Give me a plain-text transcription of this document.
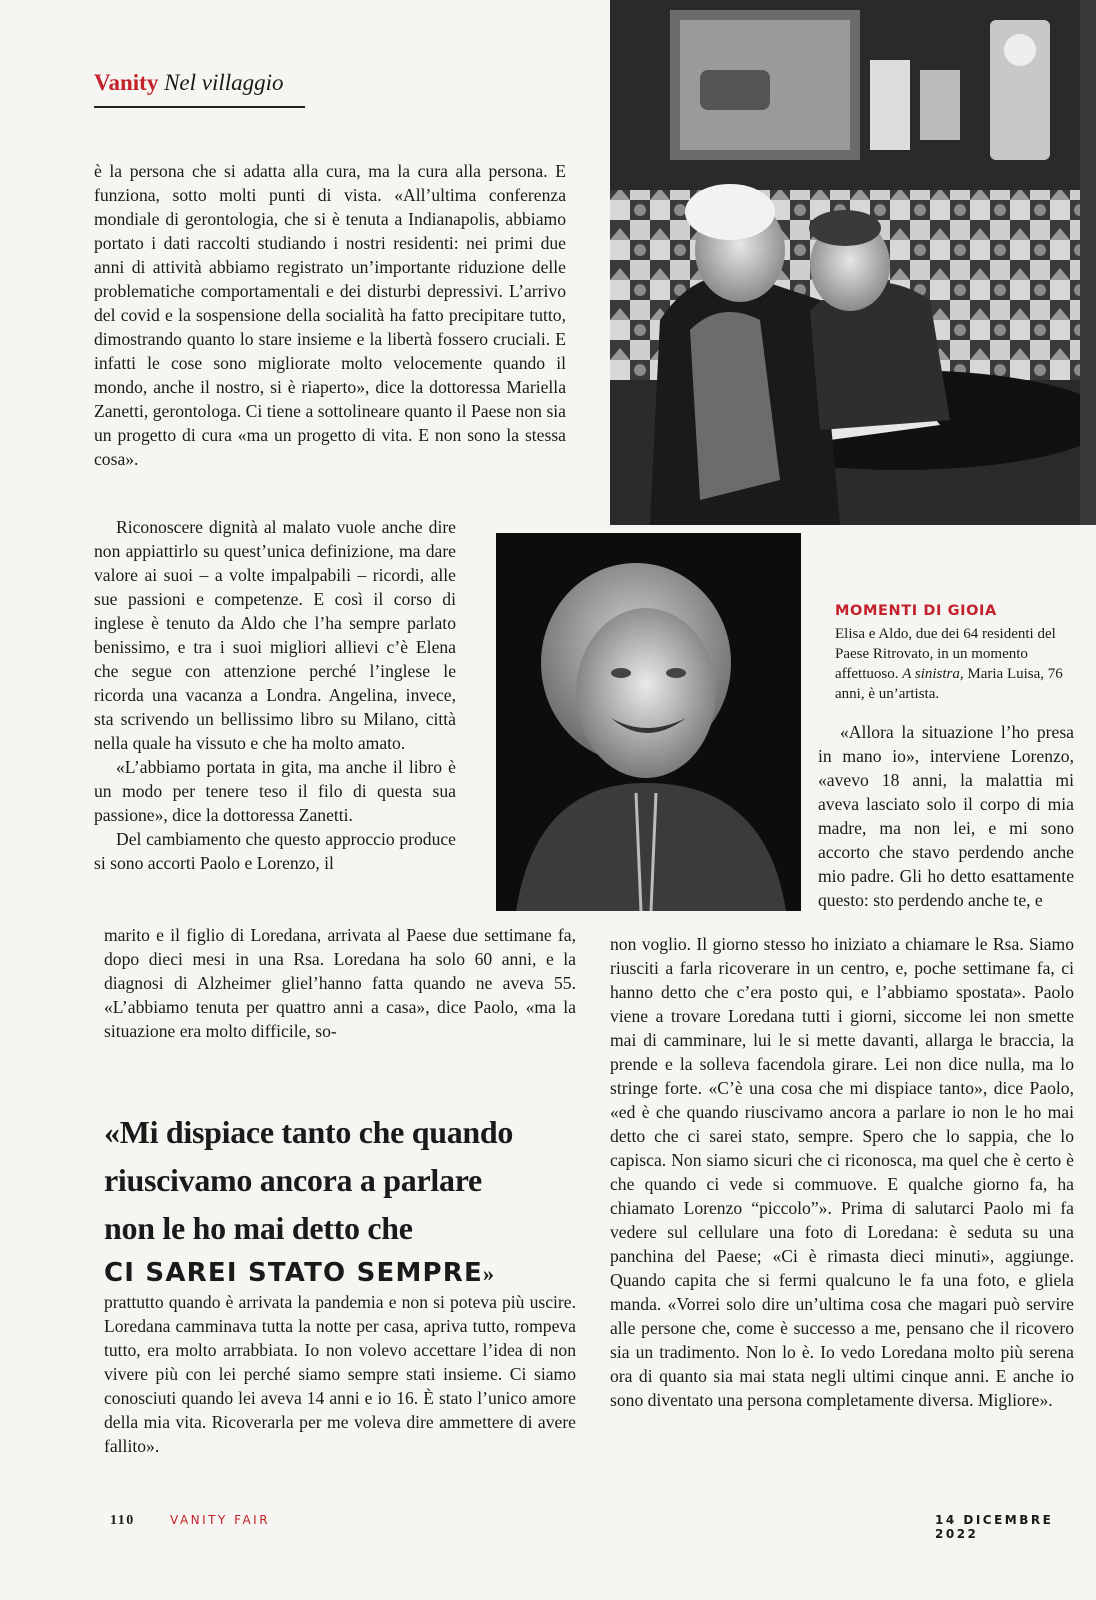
Vanity Nel villaggio

è la persona che si adatta alla cura, ma la cura alla persona. E funziona, sotto molti punti di vista. «All’ultima conferenza mondiale di gerontologia, che si è tenuta a Indianapolis, abbiamo portato i dati raccolti studiando i nostri residenti: nei primi due anni di attività abbiamo registrato un’importante riduzione delle problematiche comportamentali e dei disturbi depressivi. L’arrivo del covid e la sospensione della socialità ha fatto precipitare tutto, dimostrando quanto lo stare insieme e la libertà fossero cruciali. E infatti le cose sono migliorate molto velocemente quando il mondo, anche il nostro, si è riaperto», dice la dottoressa Mariella Zanetti, gerontologa. Ci tiene a sottolineare quanto il Paese non sia un progetto di cura «ma un progetto di vita. E non sono la stessa cosa».

Riconoscere dignità al malato vuole anche dire non appiattirlo su quest’unica definizione, ma dare valore ai suoi – a volte impalpabili – ricordi, alle sue passioni e competenze. E così il corso di inglese è tenuto da Aldo che l’ha sempre parlato benissimo, e tra i suoi migliori allievi c’è Elena che segue con attenzione perché l’inglese le ricorda una vacanza a Londra. Angelina, invece, sta scrivendo un bellissimo libro su Milano, città nella quale ha vissuto e che ha molto amato.

«L’abbiamo portata in gita, ma anche il libro è un modo per tenere teso il filo di questa sua passione», dice la dottoressa Zanetti.

Del cambiamento che questo approccio produce si sono accorti Paolo e Lorenzo, il

marito e il figlio di Loredana, arrivata al Paese due settimane fa, dopo dieci mesi in una Rsa. Loredana ha solo 60 anni, e la diagnosi di Alzheimer gliel’hanno fatta quando ne aveva 55. «L’abbiamo tenuta per quattro anni a casa», dice Paolo, «ma la situazione era molto difficile, so-

«Mi dispiace tanto che quando
riuscivamo ancora a parlare
non le ho mai detto che
CI SAREI STATO SEMPRE»

prattutto quando è arrivata la pandemia e non si poteva più uscire. Loredana camminava tutta la notte per casa, apriva tutto, rompeva tutto, era molto arrabbiata. Io non volevo accettare l’idea di non vivere più con lei perché siamo sempre stati insieme. Ci siamo conosciuti quando lei aveva 14 anni e io 16. È stato l’unico amore della mia vita. Ricoverarla per me voleva dire ammettere di avere fallito».

MOMENTI DI GIOIA
Elisa e Aldo, due dei 64 residenti del Paese Ritrovato, in un momento affettuoso. A sinistra, Maria Luisa, 76 anni, è un’artista.

«Allora la situazione l’ho presa in mano io», interviene Lorenzo, «avevo 18 anni, la malattia mi aveva lasciato solo il corpo di mia madre, ma non lei, e mi sono accorto che stavo perdendo anche mio padre. Gli ho detto esattamente questo: sto perdendo anche te, e

non voglio. Il giorno stesso ho iniziato a chiamare le Rsa. Siamo riusciti a farla ricoverare in un centro, e, poche settimane fa, ci hanno detto che c’era posto qui, e l’abbiamo spostata». Paolo viene a trovare Loredana tutti i giorni, siccome lei non smette mai di camminare, lui le si mette davanti, allarga le braccia, la prende e la solleva facendola girare. Lei non dice nulla, ma lo stringe forte. «C’è una cosa che mi dispiace tanto», dice Paolo, «ed è che quando riuscivamo ancora a parlare io non le ho mai detto che ci sarei stato, sempre. Spero che lo sappia, che lo capisca. Non siamo sicuri che ci riconosca, ma quel che è certo è che quando ci vede si commuove. E qualche giorno fa, ha chiamato Lorenzo “piccolo”». Prima di salutarci Paolo mi fa vedere sul cellulare una foto di Loredana: è seduta su una panchina del Paese; «Ci è rimasta dieci minuti», aggiunge. Quando capita che si fermi qualcuno le fa una foto, e gliela manda. «Vorrei solo dire un’ultima cosa che magari può servire alle persone che, come è successo a me, pensano che il ricovero sia un tradimento. Non lo è. Io vedo Loredana molto più serena ora di quanto sia mai stata negli ultimi cinque anni. E anche io sono diventato una persona completamente diversa. Migliore».

110	VANITY FAIR	14 DICEMBRE 2022
